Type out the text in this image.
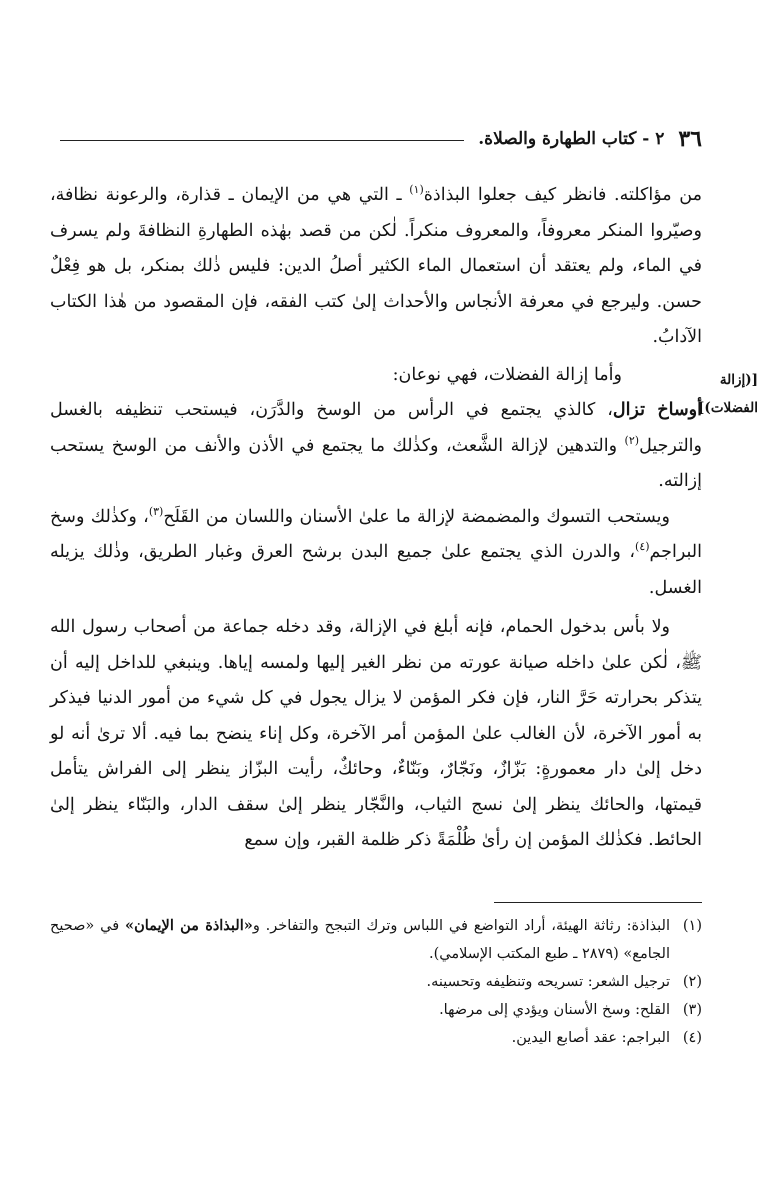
٣٦
٢ - كتاب الطهارة والصلاة.

من مؤاكلته. فانظر كيف جعلوا البذاذة$^{(١)}$ ـ التي هي من الإيمان ـ قذارة، والرعونة نظافة، وصيّروا المنكر معروفاً، والمعروف منكراً. لٰكن من قصد بهٰذه الطهارةِ النظافةَ ولم يسرف في الماء، ولم يعتقد أن استعمال الماء الكثير أصلُ الدين: فليس ذٰلك بمنكر، بل هو فِعْلٌ حسن. وليرجع في معرفة الأنجاس والأحداث إلىٰ كتب الفقه، فإن المقصود من هٰذا الكتاب الآدابُ.

[(إزالة الفضلات)]

وأما إزالة الفضلات، فهي نوعان:

أوساخ تزال، كالذي يجتمع في الرأس من الوسخ والدَّرَن، فيستحب تنظيفه بالغسل والترجيل$^{(٢)}$ والتدهين لإزالة الشَّعث، وكذٰلك ما يجتمع في الأذن والأنف من الوسخ يستحب إزالته.

ويستحب التسوك والمضمضة لإزالة ما علىٰ الأسنان واللسان من القَلَح$^{(٣)}$، وكذٰلك وسخ البراجم$^{(٤)}$، والدرن الذي يجتمع علىٰ جميع البدن برشح العرق وغبار الطريق، وذٰلك يزيله الغسل.

ولا بأس بدخول الحمام، فإنه أبلغ في الإزالة، وقد دخله جماعة من أصحاب رسول الله ﷺ، لٰكن علىٰ داخله صيانة عورته من نظر الغير إليها ولمسه إياها. وينبغي للداخل إليه أن يتذكر بحرارته حَرَّ النار، فإن فكر المؤمن لا يزال يجول في كل شيء من أمور الدنيا فيذكر به أمور الآخرة، لأن الغالب علىٰ المؤمن أمر الآخرة، وكل إناء ينضح بما فيه. ألا ترىٰ أنه لو دخل إلىٰ دار معمورةٍ: بَزّازٌ، ونَجّارٌ، وبَنّاءٌ، وحائكٌ، رأيت البزّاز ينظر إلى الفراش يتأمل قيمتها، والحائك ينظر إلىٰ نسج الثياب، والنَّجّار ينظر إلىٰ سقف الدار، والبَنّاء ينظر إلىٰ الحائط. فكذٰلك المؤمن إن رأىٰ ظُلْمَةً ذكر ظلمة القبر، وإن سمع

(١)
البذاذة: رثاثة الهيئة، أراد التواضع في اللباس وترك التبجح والتفاخر. و«البذاذة من الإيمان» في «صحيح الجامع» (٢٨٧٩ ـ طبع المكتب الإسلامي).
(٢)
ترجيل الشعر: تسريحه وتنظيفه وتحسينه.
(٣)
القلح: وسخ الأسنان ويؤدي إلى مرضها.
(٤)
البراجم: عقد أصابع اليدين.
